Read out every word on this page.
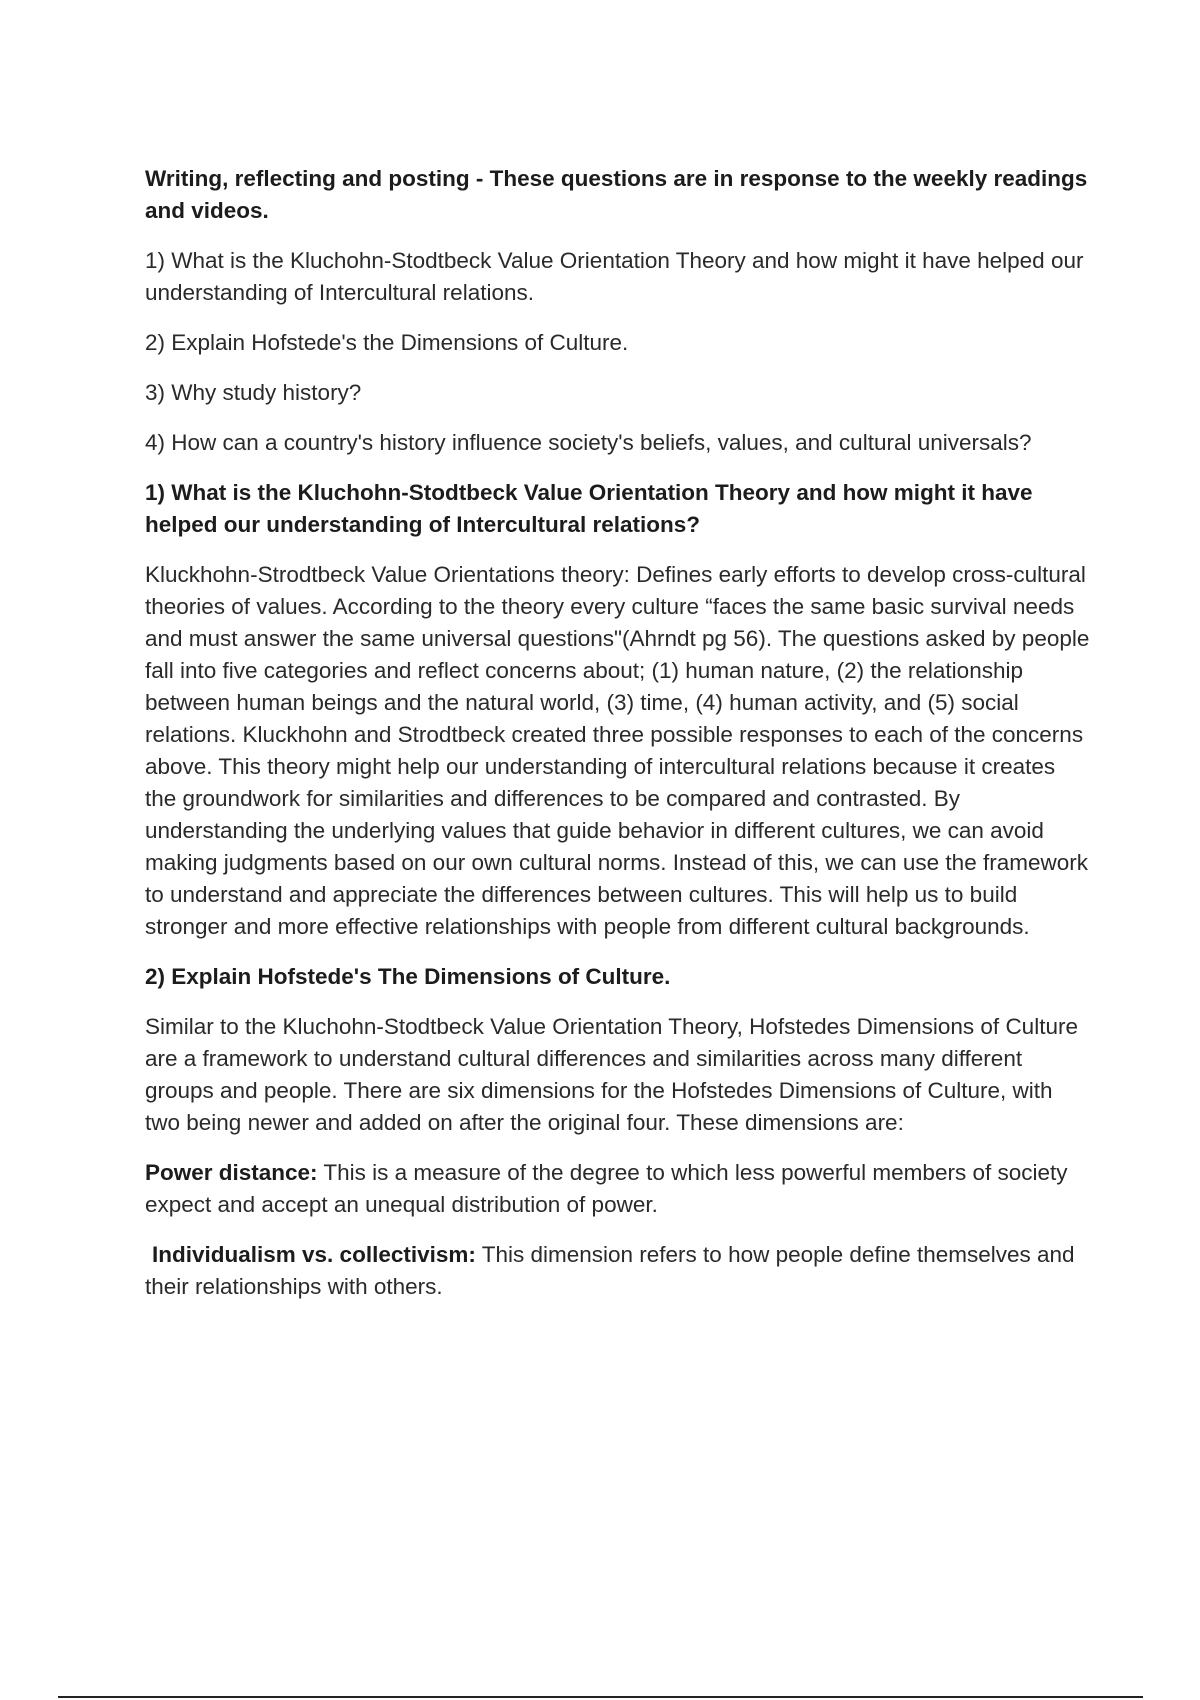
Writing, reflecting and posting - These questions are in response to the weekly readings and videos.

1) What is the Kluchohn-Stodtbeck Value Orientation Theory and how might it have helped our understanding of Intercultural relations.

2) Explain Hofstede's the Dimensions of Culture.

3) Why study history?

4) How can a country's history influence society's beliefs, values, and cultural universals?

1) What is the Kluchohn-Stodtbeck Value Orientation Theory and how might it have helped our understanding of Intercultural relations?

Kluckhohn-Strodtbeck Value Orientations theory: Defines early efforts to develop cross-cultural theories of values. According to the theory every culture “faces the same basic survival needs and must answer the same universal questions"(Ahrndt pg 56). The questions asked by people fall into five categories and reflect concerns about; (1) human nature, (2) the relationship between human beings and the natural world, (3) time, (4) human activity, and (5) social relations. Kluckhohn and Strodtbeck created three possible responses to each of the concerns above. This theory might help our understanding of intercultural relations because it creates the groundwork for similarities and differences to be compared and contrasted. By understanding the underlying values that guide behavior in different cultures, we can avoid making judgments based on our own cultural norms. Instead of this, we can use the framework to understand and appreciate the differences between cultures. This will help us to build stronger and more effective relationships with people from different cultural backgrounds.

2) Explain Hofstede's The Dimensions of Culture.

Similar to the Kluchohn-Stodtbeck Value Orientation Theory, Hofstedes Dimensions of Culture are a framework to understand cultural differences and similarities across many different groups and people. There are six dimensions for the Hofstedes Dimensions of Culture, with two being newer and added on after the original four. These dimensions are:

Power distance: This is a measure of the degree to which less powerful members of society expect and accept an unequal distribution of power.

Individualism vs. collectivism: This dimension refers to how people define themselves and their relationships with others.
